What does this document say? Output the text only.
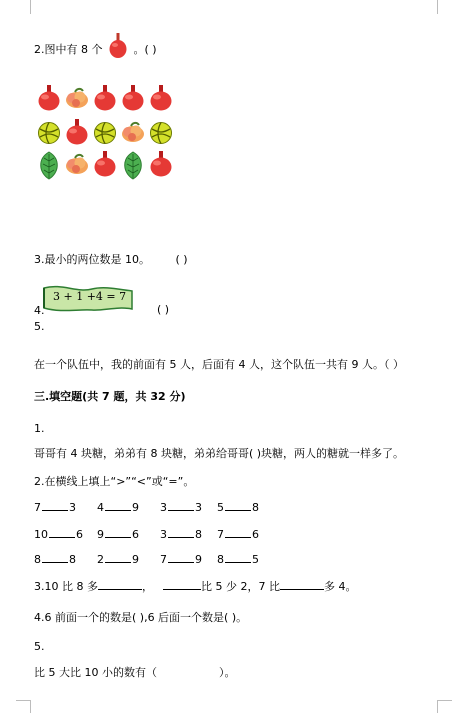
2.图中有 8 个	。( )
3.最小的两位数是 10。 ( )
3 + 1 +4 = 7
4.	( )
5.
在一个队伍中，我的前面有 5 人，后面有 4 人，这个队伍一共有 9 人。（ ）
三.填空题(共 7 题，共 32 分)
1.
哥哥有 4 块糖，弟弟有 8 块糖，弟弟给哥哥( )块糖，两人的糖就一样多了。
2.在横线上填上“>”“<”或“=”。
7	3 4	9 3	3 5	8
10	6 9	6 3	8 7	6
8	8 2	9 7	9 8	5
3.10 比 8 多	，	比 5 少 2，7 比	多 4。
4.6 前面一个的数是( ),6 后面一个数是( )。
5.
比 5 大比 10 小的数有（	）。
